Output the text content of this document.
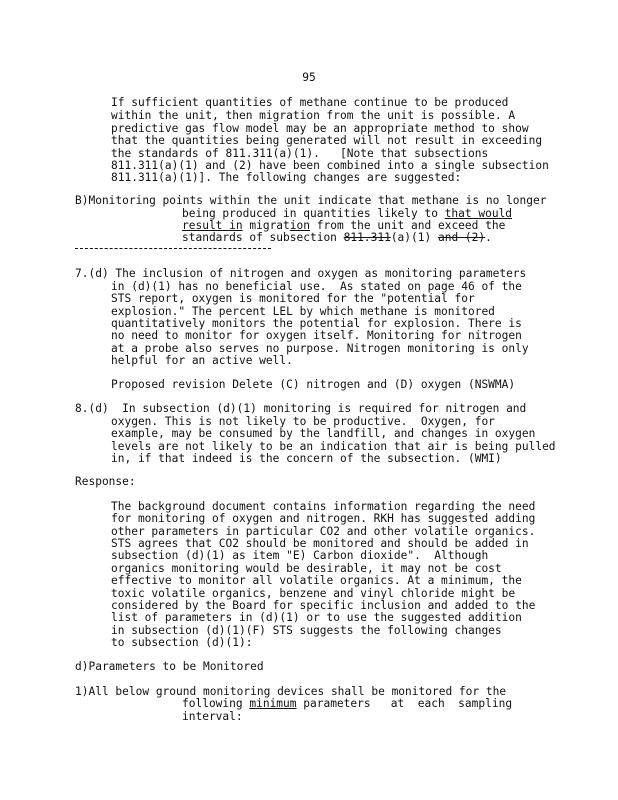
95
If sufficient quantities of methane continue to be produced
within the unit, then migration from the unit is possible. A
predictive gas flow model may be an appropriate method to show
that the quantities being generated will not result in exceeding
the standards of 811.311(a)(1).   [Note that subsections
811.311(a)(1) and (2) have been combined into a single subsection
811.311(a)(1)]. The following changes are suggested:
B)Monitoring points within the unit indicate that methane is no longer
being produced in quantities likely to that would
result in migration from the unit and exceed the
standards of subsection 811.311(a)(1) and (2).
7.(d) The inclusion of nitrogen and oxygen as monitoring parameters
in (d)(1) has no beneficial use.  As stated on page 46 of the
STS report, oxygen is monitored for the "potential for
explosion." The percent LEL by which methane is monitored
quantitatively monitors the potential for explosion. There is
no need to monitor for oxygen itself. Monitoring for nitrogen
at a probe also serves no purpose. Nitrogen monitoring is only
helpful for an active well.
Proposed revision Delete (C) nitrogen and (D) oxygen (NSWMA)
8.(d)  In subsection (d)(1) monitoring is required for nitrogen and
oxygen. This is not likely to be productive.  Oxygen, for
example, may be consumed by the landfill, and changes in oxygen
levels are not likely to be an indication that air is being pulled
in, if that indeed is the concern of the subsection. (WMI)
Response:
The background document contains information regarding the need
for monitoring of oxygen and nitrogen. RKH has suggested adding
other parameters in particular CO2 and other volatile organics.
STS agrees that CO2 should be monitored and should be added in
subsection (d)(1) as item "E) Carbon dioxide".  Although
organics monitoring would be desirable, it may not be cost
effective to monitor all volatile organics. At a minimum, the
toxic volatile organics, benzene and vinyl chloride might be
considered by the Board for specific inclusion and added to the
list of parameters in (d)(1) or to use the suggested addition
in subsection (d)(1)(F) STS suggests the following changes
to subsection (d)(1):
d)Parameters to be Monitored
1)All below ground monitoring devices shall be monitored for the
following minimum parameters   at  each  sampling
interval:
